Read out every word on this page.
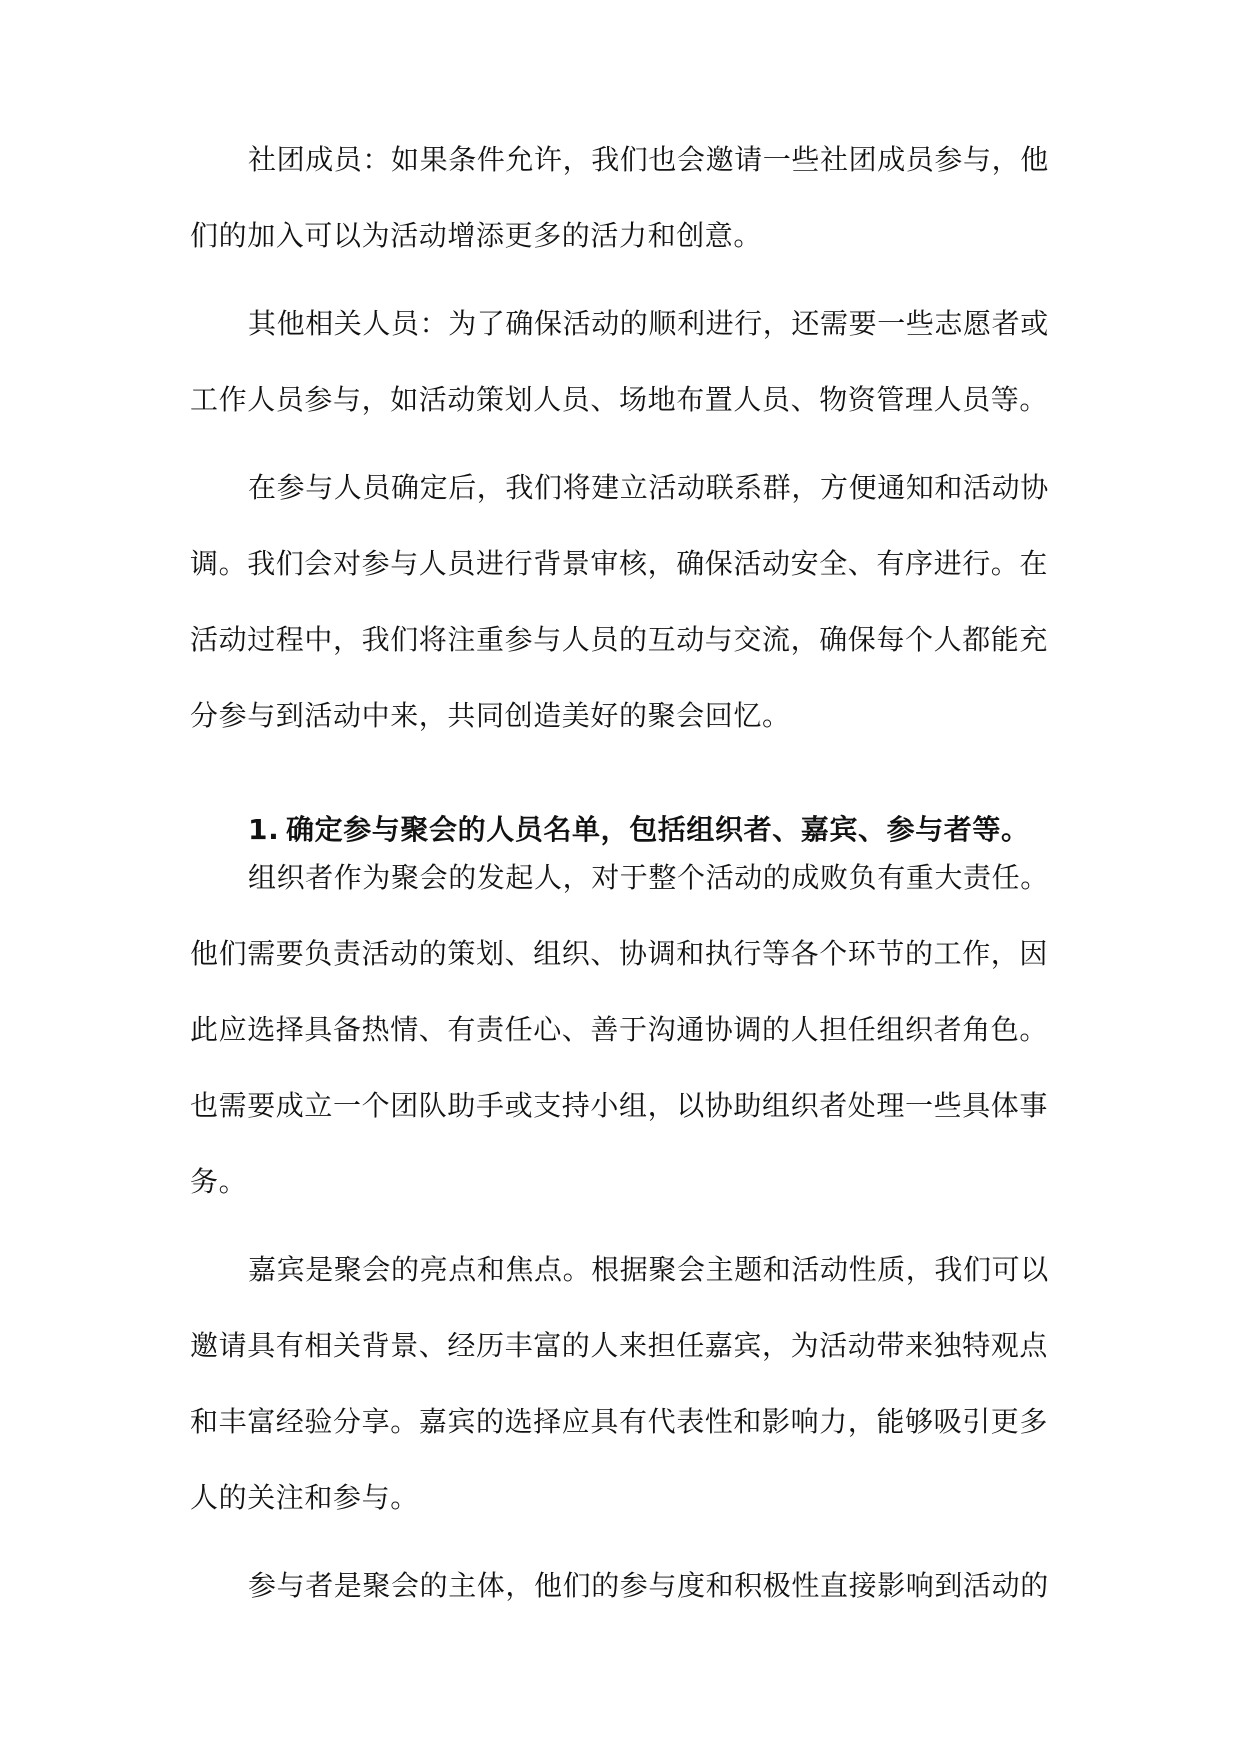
社团成员：如果条件允许，我们也会邀请一些社团成员参与，他
们的加入可以为活动增添更多的活力和创意。
其他相关人员：为了确保活动的顺利进行，还需要一些志愿者或
工作人员参与，如活动策划人员、场地布置人员、物资管理人员等。
在参与人员确定后，我们将建立活动联系群，方便通知和活动协
调。我们会对参与人员进行背景审核，确保活动安全、有序进行。在
活动过程中，我们将注重参与人员的互动与交流，确保每个人都能充
分参与到活动中来，共同创造美好的聚会回忆。
1. 确定参与聚会的人员名单，包括组织者、嘉宾、参与者等。
组织者作为聚会的发起人，对于整个活动的成败负有重大责任。
他们需要负责活动的策划、组织、协调和执行等各个环节的工作，因
此应选择具备热情、有责任心、善于沟通协调的人担任组织者角色。
也需要成立一个团队助手或支持小组，以协助组织者处理一些具体事
务。
嘉宾是聚会的亮点和焦点。根据聚会主题和活动性质，我们可以
邀请具有相关背景、经历丰富的人来担任嘉宾，为活动带来独特观点
和丰富经验分享。嘉宾的选择应具有代表性和影响力，能够吸引更多
人的关注和参与。
参与者是聚会的主体，他们的参与度和积极性直接影响到活动的
